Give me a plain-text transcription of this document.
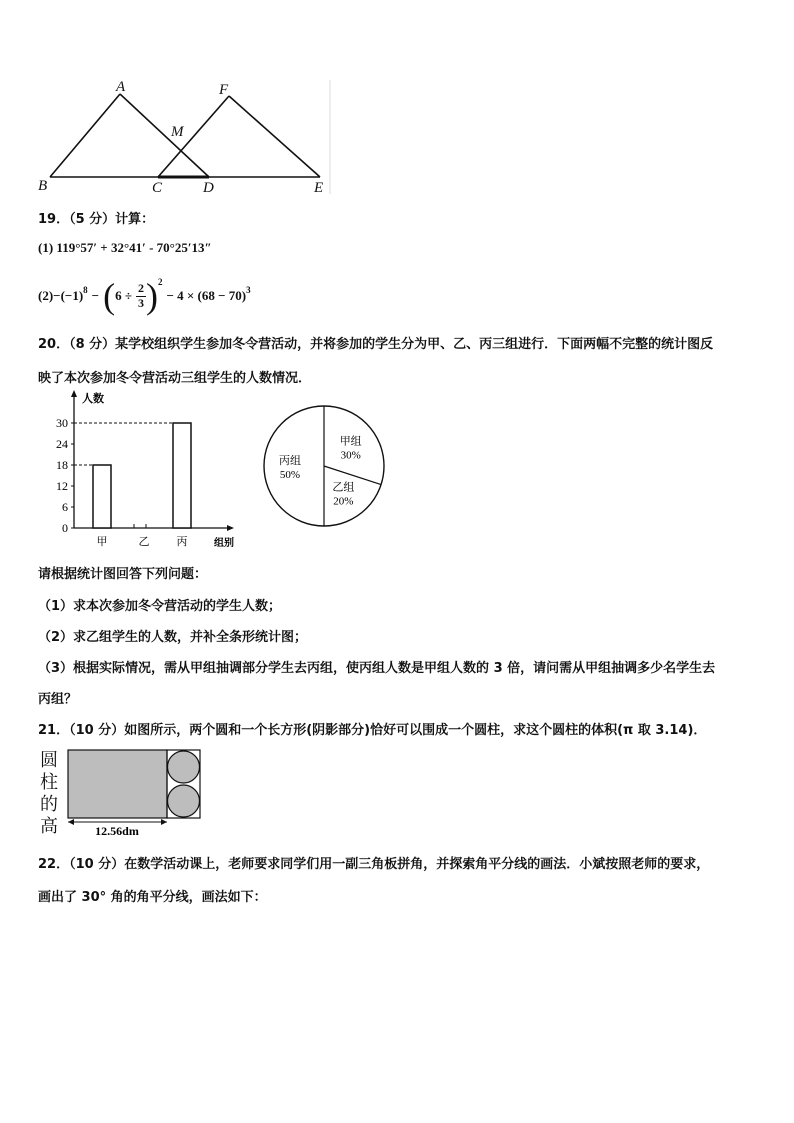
A	F
M
B	C	D	E
19．（5 分）计算：
(1) 119°57′ + 32°41′ - 70°25′13″
$(2) -(-1)^8$ − ( $6 \div \frac{2}{3} )^2$
− $4 \times (68 - 70)^3$
20．（8 分）某学校组织学生参加冬令营活动，并将参加的学生分为甲、乙、丙三组进行．下面两幅不完整的统计图反
映了本次参加冬令营活动三组学生的人数情况．
人数
组别
0
6
12
18
24
30
甲	乙 丙
甲组
30%
乙组
20%
丙组
50%
请根据统计图回答下列问题：
（1）求本次参加冬令营活动的学生人数；
（2）求乙组学生的人数，并补全条形统计图；
（3）根据实际情况，需从甲组抽调部分学生去丙组，使丙组人数是甲组人数的 3 倍，请问需从甲组抽调多少名学生去
丙组？
21．（10 分）如图所示，两个圆和一个长方形(阴影部分)恰好可以围成一个圆柱，求这个圆柱的体积(π 取 3.14)．
圆
柱
的
高	12.56dm
22．（10 分）在数学活动课上，老师要求同学们用一副三角板拼角，并探索角平分线的画法．小斌按照老师的要求，
画出了 30° 角的角平分线，画法如下：
